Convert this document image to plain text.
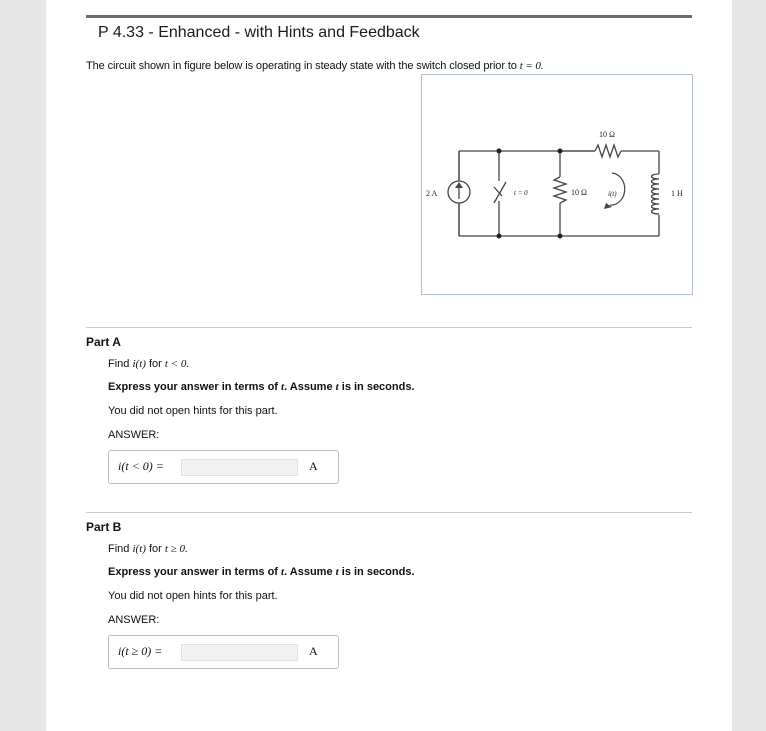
P 4.33 - Enhanced - with Hints and Feedback
The circuit shown in figure below is operating in steady state with the switch closed prior to t = 0.
2 A	t = 0
10 Ω
10 Ω	i(t)	1 H
Part A
Find i(t) for t < 0.
Express your answer in terms of t. Assume t is in seconds.
You did not open hints for this part.
ANSWER:
i(t < 0) =	A
Part B
Find i(t) for t ≥ 0.
Express your answer in terms of t. Assume t is in seconds.
You did not open hints for this part.
ANSWER:
i(t ≥ 0) =	A
